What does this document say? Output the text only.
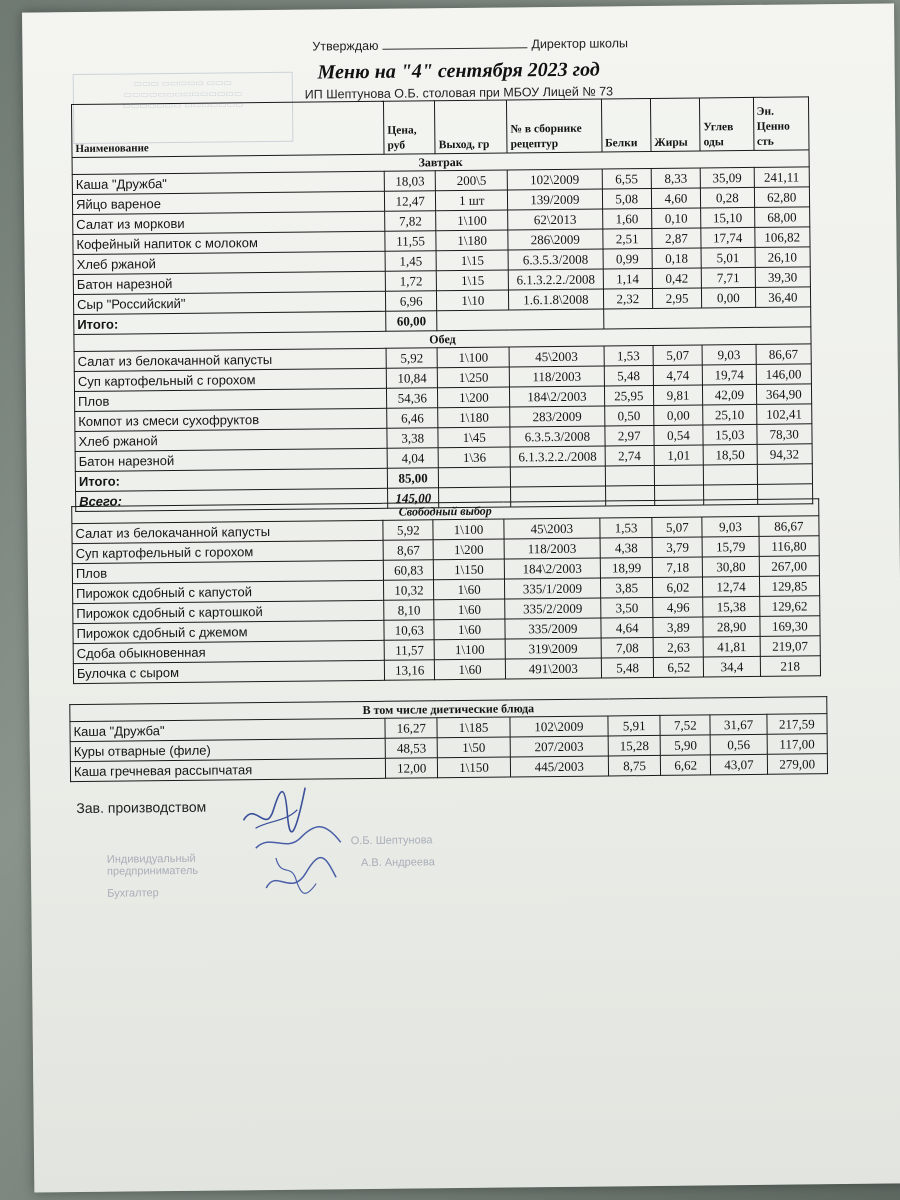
▭▭▭ ▭▭▭▭▭ ▭▭▭
▭▭▭▭▭▭▭▭▭▭▭▭▭▭
▭▭▭▭▭▭▭ ▭▭▭▭▭▭▭
Утверждаю	Директор школы
Меню на "4" сентября 2023 год
ИП Шептунова О.Б. столовая при МБОУ Лицей № 73
Наименование	Цена, руб	Выход, гр	№ в сборнике рецептур	Белки	Жиры	Углев оды	Эн. Ценно сть
Завтрак							
Каша "Дружба"	18,03	200\5	102\2009	6,55	8,33	35,09	241,11
Яйцо вареное	12,47	1 шт	139/2009	5,08	4,60	0,28	62,80
Салат из моркови	7,82	1\100	62\2013	1,60	0,10	15,10	68,00
Кофейный напиток с молоком	11,55	1\180	286\2009	2,51	2,87	17,74	106,82
Хлеб ржаной	1,45	1\15	6.3.5.3/2008	0,99	0,18	5,01	26,10
Батон нарезной	1,72	1\15	6.1.3.2.2./2008	1,14	0,42	7,71	39,30
Сыр "Российский"	6,96	1\10	1.6.1.8\2008	2,32	2,95	0,00	36,40
Итого:	60,00						
Обед							
Салат из белокачанной капусты	5,92	1\100	45\2003	1,53	5,07	9,03	86,67
Суп картофельный с горохом	10,84	1\250	118/2003	5,48	4,74	19,74	146,00
Плов	54,36	1\200	184\2/2003	25,95	9,81	42,09	364,90
Компот из смеси сухофруктов	6,46	1\180	283/2009	0,50	0,00	25,10	102,41
Хлеб ржаной	3,38	1\45	6.3.5.3/2008	2,97	0,54	15,03	78,30
Батон нарезной	4,04	1\36	6.1.3.2.2./2008	2,74	1,01	18,50	94,32
Итого:	85,00						
Всего:	145,00						
Свободный выбор							
Салат из белокачанной капусты	5,92	1\100	45\2003	1,53	5,07	9,03	86,67
Суп картофельный с горохом	8,67	1\200	118/2003	4,38	3,79	15,79	116,80
Плов	60,83	1\150	184\2/2003	18,99	7,18	30,80	267,00
Пирожок сдобный с капустой	10,32	1\60	335/1/2009	3,85	6,02	12,74	129,85
Пирожок сдобный с картошкой	8,10	1\60	335/2/2009	3,50	4,96	15,38	129,62
Пирожок сдобный с джемом	10,63	1\60	335/2009	4,64	3,89	28,90	169,30
Сдоба обыкновенная	11,57	1\100	319\2009	7,08	2,63	41,81	219,07
Булочка с сыром	13,16	1\60	491\2003	5,48	6,52	34,4	218
В том числе диетические блюда							
Каша "Дружба"	16,27	1\185	102\2009	5,91	7,52	31,67	217,59
Куры отварные (филе)	48,53	1\50	207/2003	15,28	5,90	0,56	117,00
Каша гречневая рассыпчатая	12,00	1\150	445/2003	8,75	6,62	43,07	279,00
Зав. производством
Индивидуальный предприниматель
О.Б. Шептунова
Бухгалтер
А.В. Андреева
